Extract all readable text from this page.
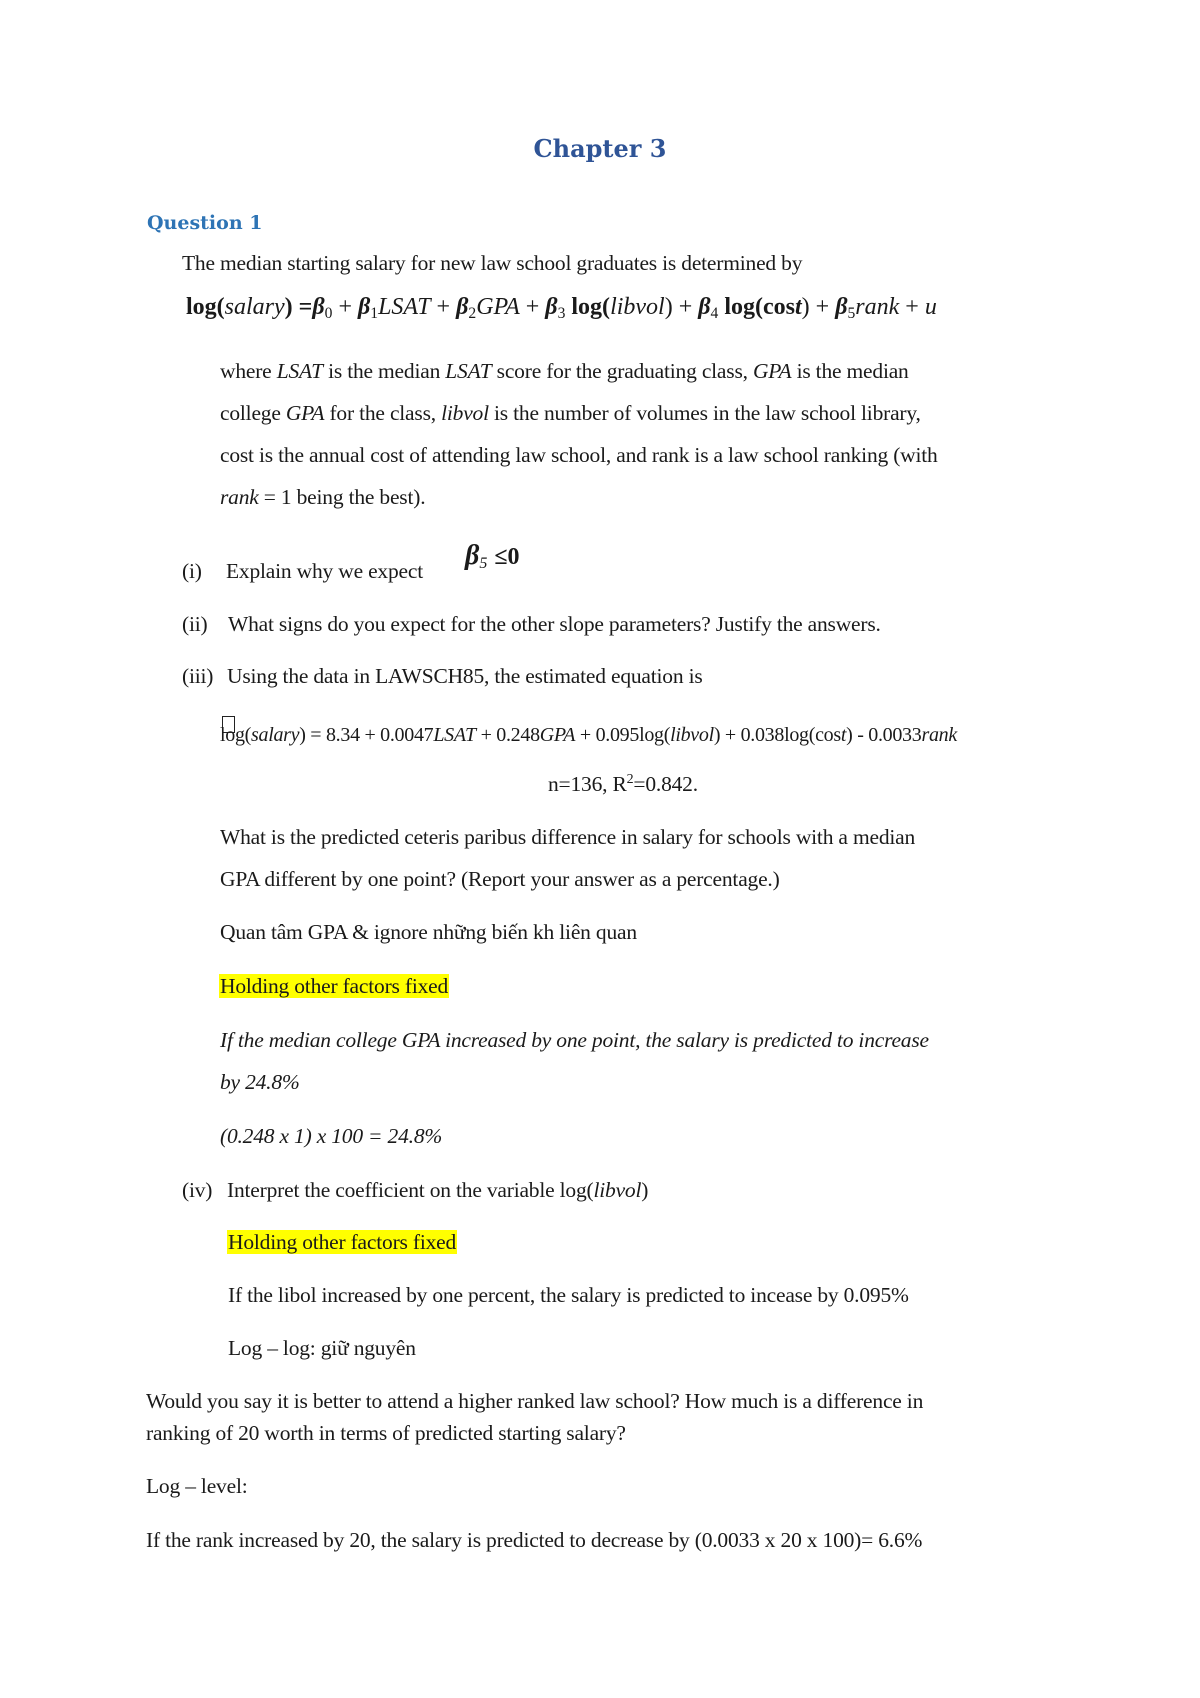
Chapter 3
Question 1
The median starting salary for new law school graduates is determined by
log(salary) $=\beta_0$ + $\beta_1LSAT + \beta_2GPA + \beta_3$ log(libvol) + $\beta_4$ $\log(\cos t) + \beta_5rank + u$
where LSAT is the median LSAT score for the graduating class, GPA is the median
college GPA for the class, libvol is the number of volumes in the law school library,
cost is the annual cost of attending law school, and rank is a law school ranking (with
rank = 1 being the best).
(i) Explain why we expect $\beta_5 \le 0$
(ii) What signs do you expect for the other slope parameters? Justify the answers.
(iii) Using the data in LAWSCH85, the estimated equation is
log(salary) = 8.34 + 0.0047LSAT + 0.248GPA + 0.095log(libvol) + 0.038log(cost) - 0.0033rank
n=136, $R^2=0.842$.
What is the predicted ceteris paribus difference in salary for schools with a median
GPA different by one point? (Report your answer as a percentage.)
Quan tâm GPA & ignore những biến kh liên quan
Holding other factors fixed
If the median college GPA increased by one point, the salary is predicted to increase
by 24.8%
(0.248 x 1) x 100 = 24.8%
(iv) Interpret the coefficient on the variable log(libvol)
Holding other factors fixed
If the libol increased by one percent, the salary is predicted to incease by 0.095%
Log – log: giữ nguyên
Would you say it is better to attend a higher ranked law school? How much is a difference in
ranking of 20 worth in terms of predicted starting salary?
Log – level:
If the rank increased by 20, the salary is predicted to decrease by (0.0033 x 20 x 100)= 6.6%
